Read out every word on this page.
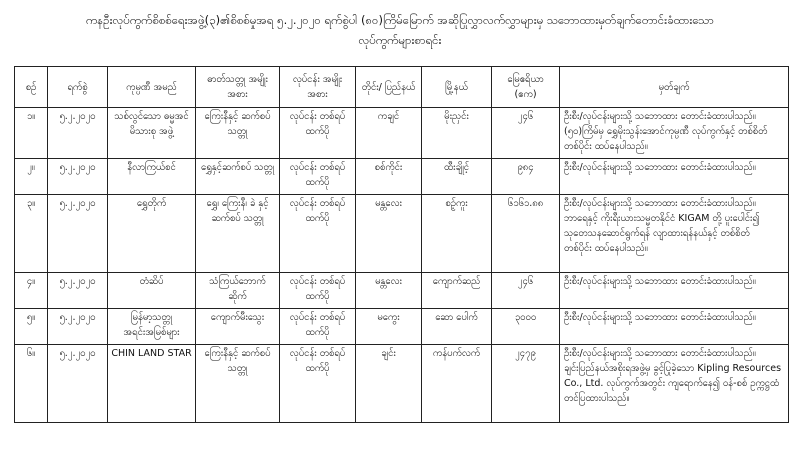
ကနဦးလုပ်ကွက်စိစစ်ရေးအဖွဲ့(၃)၏စိစစ်မှုအရ ၅.၂.၂၀၂၀ ရက်စွဲပါ (၈၀)ကြိမ်မြောက် အဆိုပြုလွှာလက်လွှာများမှ သဘောထားမှတ်ချက်တောင်းခံထားသော
လုပ်ကွက်များစာရင်း
စဉ်	ရက်စွဲ	ကုမ္ပဏီ အမည်	ဓာတ်သတ္တု အမျိုးအစား	လုပ်ငန်း အမျိုးအစား	တိုင်း/ ပြည်နယ်	မြို့နယ်	မြေဧရိယာ (ဧက)	မှတ်ချက်
၁။	၅.၂.၂၀၂၀	သစ်လွင်သော ဓမ္မအင်မိသားစု အဖွဲ့	ကြေးနီနှင့် ဆက်စပ်သတ္တု	လုပ်ငန်း တစ်ရပ်ထက်ပို	ကချင်	မိုးညှင်း	၂၄၆	ဦးစီး/လုပ်ငန်းများသို့ သဘောထား တောင်းခံထားပါသည်။
(၅၀)ကြိမ်မှ ရွှေမိုးသွန်းအောင်ကုမ္ပဏီ လုပ်ကွက်နှင့် တစ်စိတ်
တစ်ပိုင်း ထပ်နေပါသည်။

၂။	၅.၂.၂၀၂၀	နီလာကြယ်စင်	ရွှေနှင့်ဆက်စပ် သတ္တု	လုပ်ငန်း တစ်ရပ်ထက်ပို	စစ်ကိုင်း	ထီးချိုင့်	၉၈၄	ဦးစီး/လုပ်ငန်းများသို့ သဘောထား တောင်းခံထားပါသည်။

၃။	၅.၂.၂၀၂၀	ရွှေတိုက်	ရွှေ၊ ကြေးနီ၊ ခဲ နှင့်ဆက်စပ် သတ္တု	လုပ်ငန်း တစ်ရပ်ထက်ပို	မန္တလေး	စဉ့်ကူး	၆၁၆၁.၈၈	ဦးစီး/လုပ်ငန်းများသို့ သဘောထား တောင်းခံထားပါသည်။
ဘာရေနှင့် ကိုးရီးယားသမ္မတနိုင်ငံ KIGAM တို့ ပူးပေါင်း၍
သုတေသနဆောင်ရွက်ရန် လျာထားရန်နယ်နှင့် တစ်စိတ်
တစ်ပိုင်း ထပ်နေပါသည်။

၄။	၅.၂.၂၀၂၀	တံဆိပ်	သံကြယ်ဘောက် ဆိုက်	လုပ်ငန်း တစ်ရပ်ထက်ပို	မန္တလေး	ကျောက်ဆည်	၂၄၆	ဦးစီး/လုပ်ငန်းများသို့ သဘောထား တောင်းခံထားပါသည်။

၅။	၅.၂.၂၀၂၀	မြန်မာ့သတ္တု အရင်းအမြစ်များ	ကျောက်မီးသွေး	လုပ်ငန်း တစ်ရပ်ထက်ပို	မကွေး	ဆော ပေါက်	၃၀၀၀	ဦးစီး/လုပ်ငန်းများသို့ သဘောထား တောင်းခံထားပါသည်။

၆။	၅.၂.၂၀၂၀	CHIN LAND STAR	ကြေးနီနှင့် ဆက်စပ်သတ္တု	လုပ်ငန်း တစ်ရပ်ထက်ပို	ချင်း	ကန်ပက်လက်	၂၄၇၉	ဦးစီး/လုပ်ငန်းများသို့ သဘောထား တောင်းခံထားပါသည်။
ချင်းပြည်နယ်အစိုးရအဖွဲ့မှ ခွင့်ပြုခဲ့သော Kipling Resources
Co., Ltd. လုပ်ကွက်အတွင်း ကျရောက်နေ၍ ဝန်-စစ် ဥက္ကဋ္ဌထံ
တင်ပြထားပါသည်။
